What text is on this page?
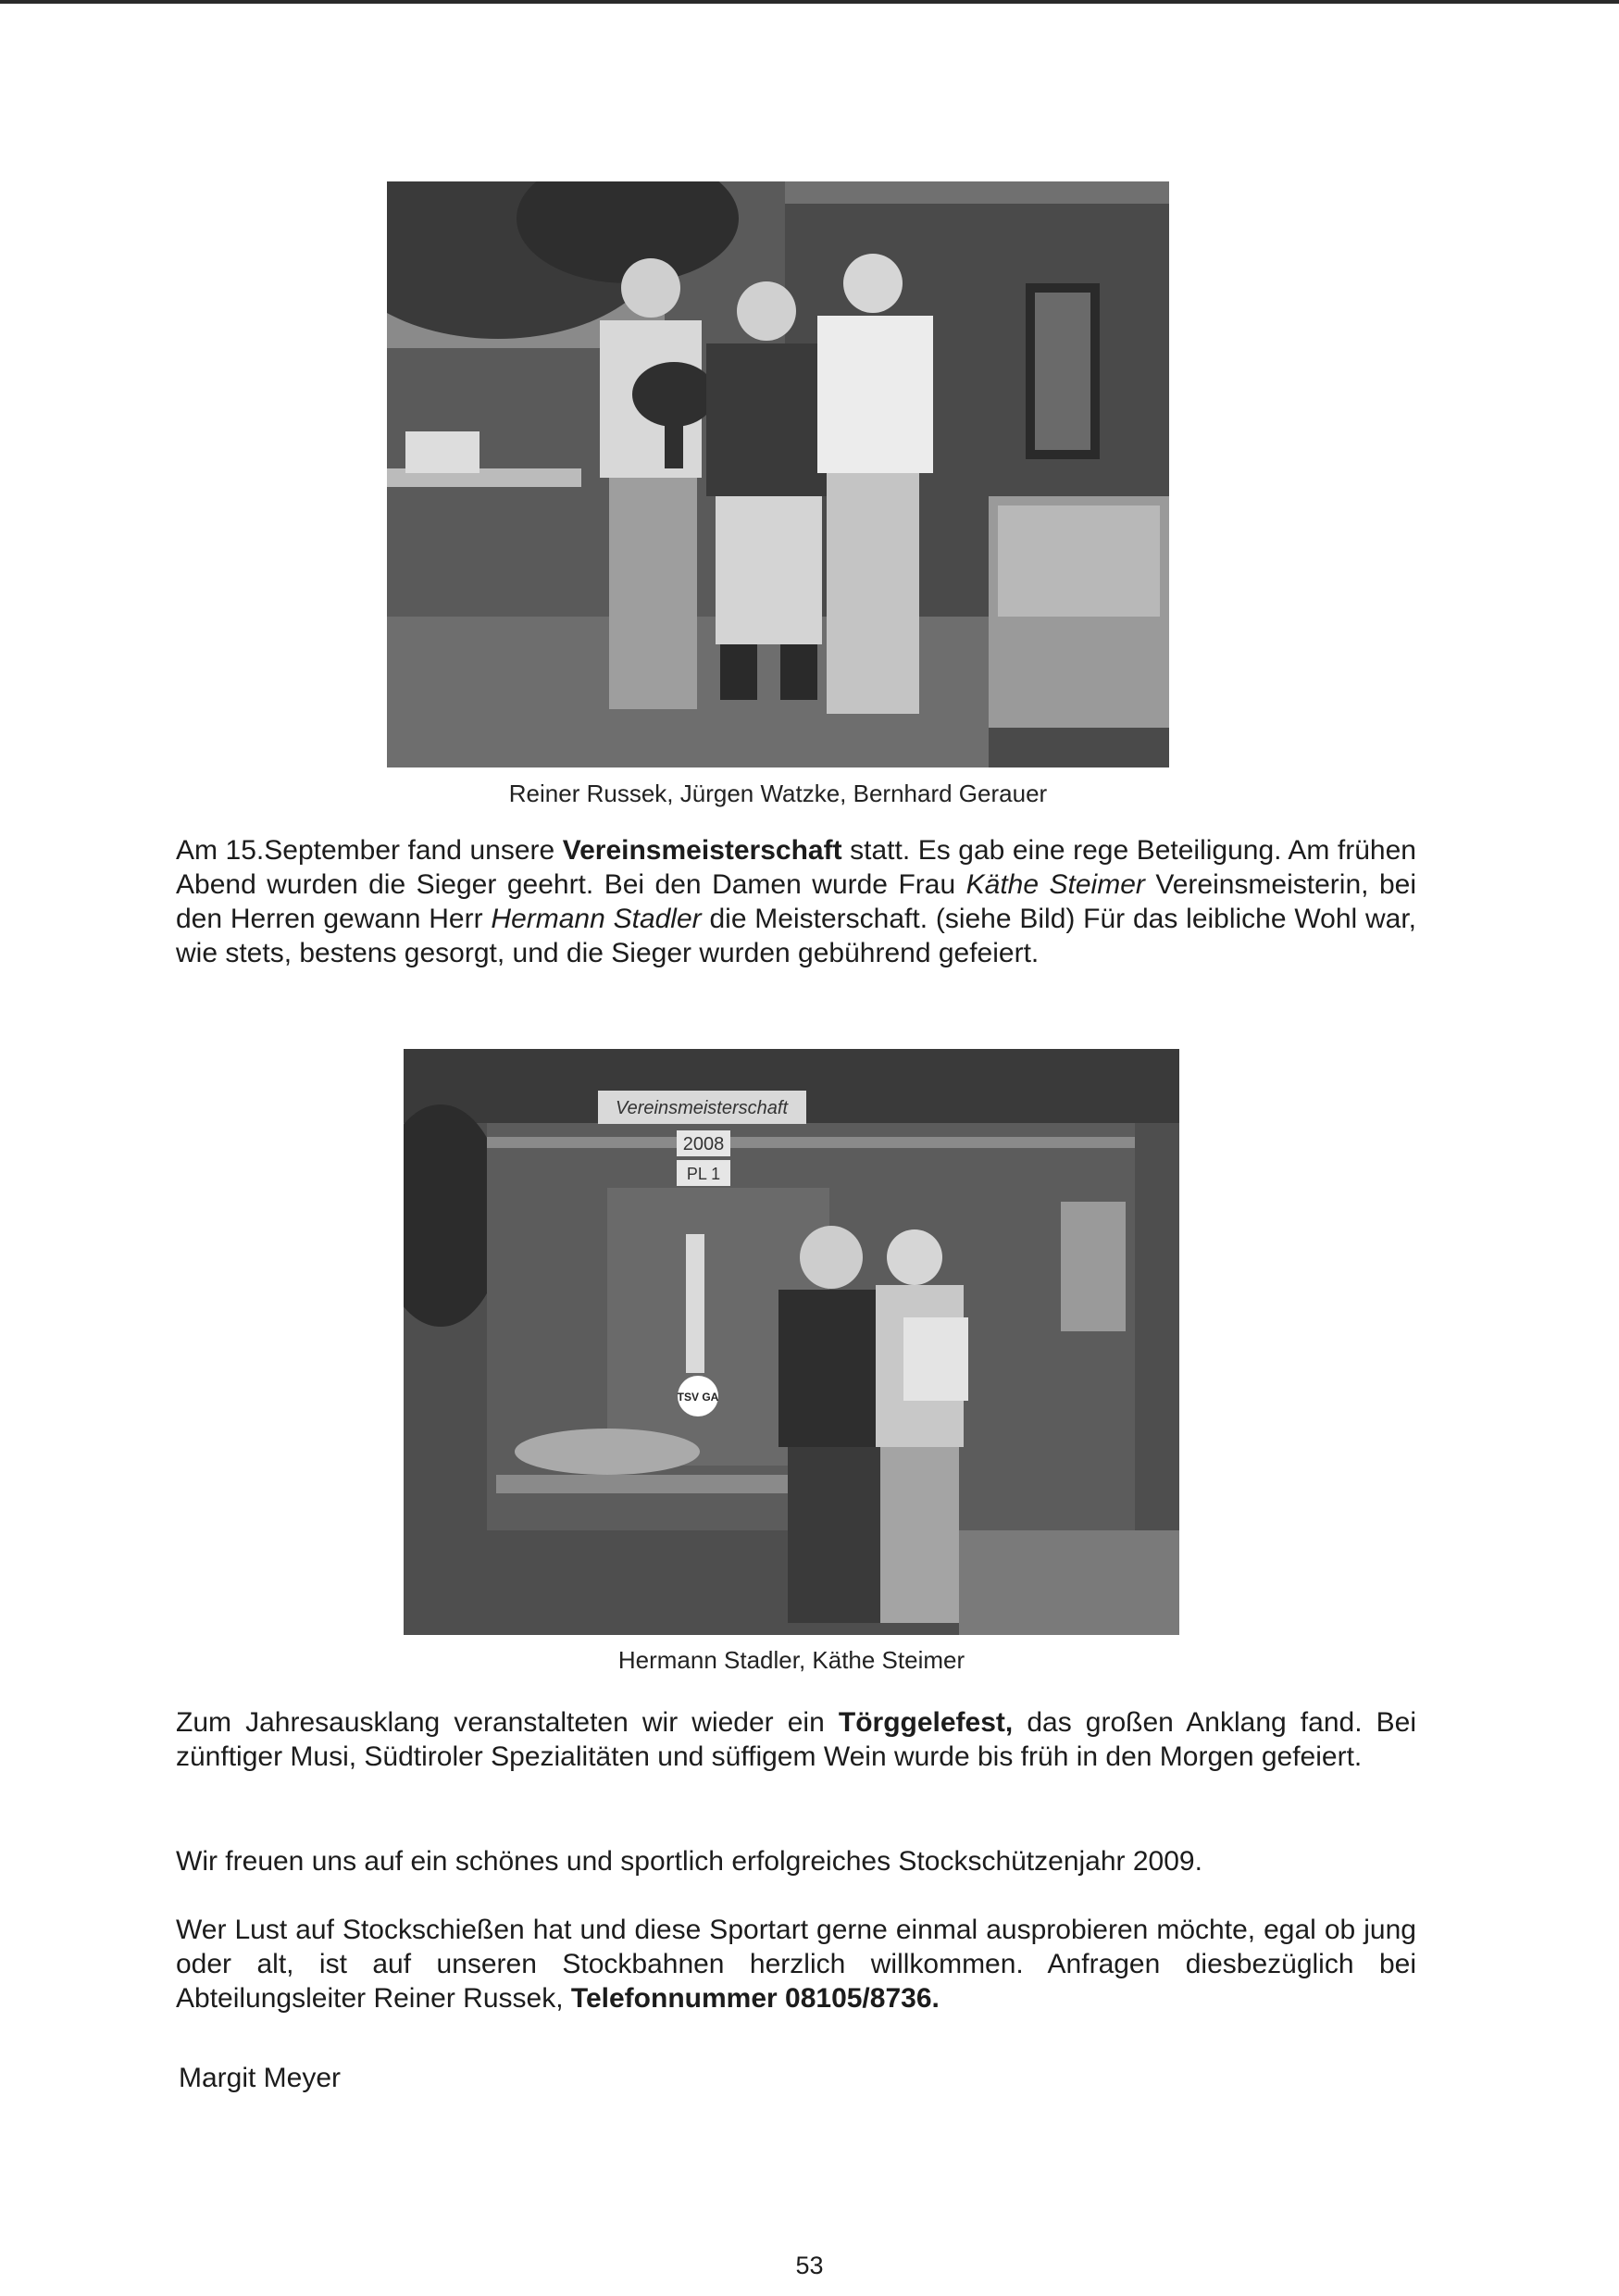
Reiner Russek, Jürgen Watzke, Bernhard Gerauer

Am 15.September fand unsere Vereinsmeisterschaft statt. Es gab eine rege Beteiligung. Am frühen Abend wurden die Sieger geehrt. Bei den Damen wurde Frau Käthe Steimer Vereinsmeisterin, bei den Herren gewann Herr Hermann Stadler die Meisterschaft. (siehe Bild) Für das leibliche Wohl war, wie stets, bestens gesorgt, und die Sieger wurden gebührend gefeiert.

Vereinsmeisterschaft
2008
PL 1
TSV GA
Hermann Stadler, Käthe Steimer

Zum Jahresausklang veranstalteten wir wieder ein Törggelefest, das großen Anklang fand. Bei zünftiger Musi, Südtiroler Spezialitäten und süffigem Wein wurde bis früh in den Morgen gefeiert.

Wir freuen uns auf ein schönes und sportlich erfolgreiches Stockschützenjahr 2009.

Wer Lust auf Stockschießen hat und diese Sportart gerne einmal ausprobieren möchte, egal ob jung oder alt, ist auf unseren Stockbahnen herzlich willkommen. Anfragen diesbezüglich bei Abteilungsleiter Reiner Russek, Telefonnummer 08105/8736.

Margit Meyer
53
